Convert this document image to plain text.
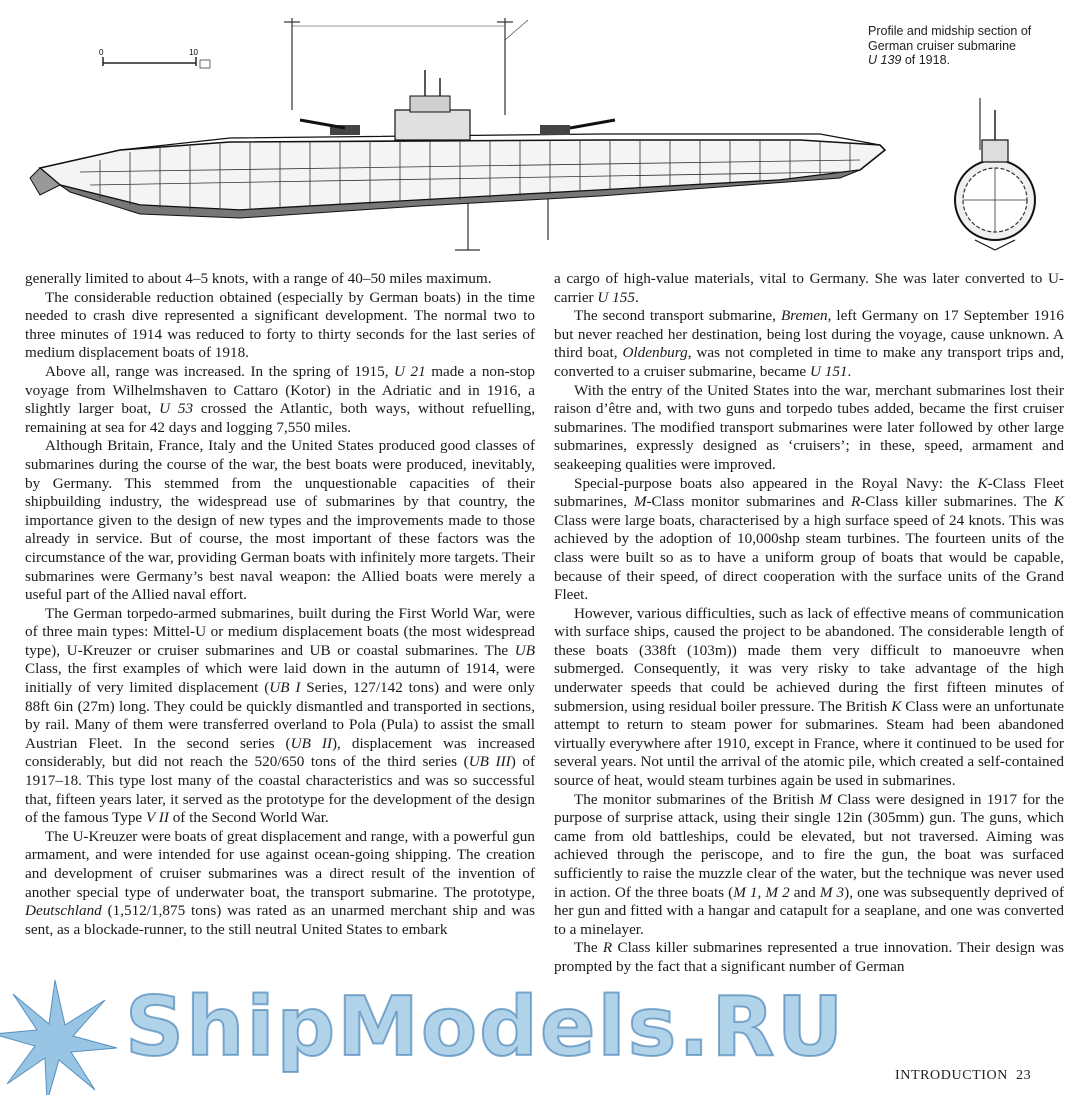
0	10
Profile and midship section of
German cruiser submarine
U 139 of 1918.

generally limited to about 4–5 knots, with a range of 40–50 miles maximum.

The considerable reduction obtained (especially by German boats) in the time needed to crash dive represented a significant development. The normal two to three minutes of 1914 was reduced to forty to thirty seconds for the last series of medium displacement boats of 1918.

Above all, range was increased. In the spring of 1915, U 21 made a non-stop voyage from Wilhelmshaven to Cattaro (Kotor) in the Adriatic and in 1916, a slightly larger boat, U 53 crossed the Atlantic, both ways, without refuelling, remaining at sea for 42 days and logging 7,550 miles.

Although Britain, France, Italy and the United States produced good classes of submarines during the course of the war, the best boats were produced, inevitably, by Germany. This stemmed from the unquestionable capacities of their shipbuilding industry, the widespread use of submarines by that country, the importance given to the design of new types and the improvements made to those already in service. But of course, the most important of these factors was the circumstance of the war, providing German boats with infinitely more targets. Their submarines were Germany’s best naval weapon: the Allied boats were merely a useful part of the Allied naval effort.

The German torpedo-armed submarines, built during the First World War, were of three main types: Mittel-U or medium displacement boats (the most widespread type), U-Kreuzer or cruiser submarines and UB or coastal submarines. The UB Class, the first examples of which were laid down in the autumn of 1914, were initially of very limited displacement (UB I Series, 127/142 tons) and were only 88ft 6in (27m) long. They could be quickly dismantled and transported in sections, by rail. Many of them were transferred overland to Pola (Pula) to assist the small Austrian Fleet. In the second series (UB II), displacement was increased considerably, but did not reach the 520/650 tons of the third series (UB III) of 1917–18. This type lost many of the coastal characteristics and was so successful that, fifteen years later, it served as the prototype for the development of the design of the famous Type V II of the Second World War.

The U-Kreuzer were boats of great displacement and range, with a powerful gun armament, and were intended for use against ocean-going shipping. The creation and development of cruiser submarines was a direct result of the invention of another special type of underwater boat, the transport submarine. The prototype, Deutschland (1,512/1,875 tons) was rated as an unarmed merchant ship and was sent, as a blockade-runner, to the still neutral United States to embark

a cargo of high-value materials, vital to Germany. She was later converted to U-carrier U 155.

The second transport submarine, Bremen, left Germany on 17 September 1916 but never reached her destination, being lost during the voyage, cause unknown. A third boat, Oldenburg, was not completed in time to make any transport trips and, converted to a cruiser submarine, became U 151.

With the entry of the United States into the war, merchant submarines lost their raison d’être and, with two guns and torpedo tubes added, became the first cruiser submarines. The modified transport submarines were later followed by other large submarines, expressly designed as ‘cruisers’; in these, speed, armament and seakeeping qualities were improved.

Special-purpose boats also appeared in the Royal Navy: the K-Class Fleet submarines, M-Class monitor submarines and R-Class killer submarines. The K Class were large boats, characterised by a high surface speed of 24 knots. This was achieved by the adoption of 10,000shp steam turbines. The fourteen units of the class were built so as to have a uniform group of boats that would be capable, because of their speed, of direct cooperation with the surface units of the Grand Fleet.

However, various difficulties, such as lack of effective means of communication with surface ships, caused the project to be abandoned. The considerable length of these boats (338ft (103m)) made them very difficult to manoeuvre when submerged. Consequently, it was very risky to take advantage of the high underwater speeds that could be achieved during the first fifteen minutes of submersion, using residual boiler pressure. The British K Class were an unfortunate attempt to return to steam power for submarines. Steam had been abandoned virtually everywhere after 1910, except in France, where it continued to be used for several years. Not until the arrival of the atomic pile, which created a self-contained source of heat, would steam turbines again be used in submarines.

The monitor submarines of the British M Class were designed in 1917 for the purpose of surprise attack, using their single 12in (305mm) gun. The guns, which came from old battleships, could be elevated, but not traversed. Aiming was achieved through the periscope, and to fire the gun, the boat was surfaced sufficiently to raise the muzzle clear of the water, but the technique was never used in action. Of the three boats (M 1, M 2 and M 3), one was subsequently deprived of her gun and fitted with a hangar and catapult for a seaplane, and one was converted to a minelayer.

The R Class killer submarines represented a true innovation. Their design was prompted by the fact that a significant number of German

ShipModels.RU
INTRODUCTION 23
